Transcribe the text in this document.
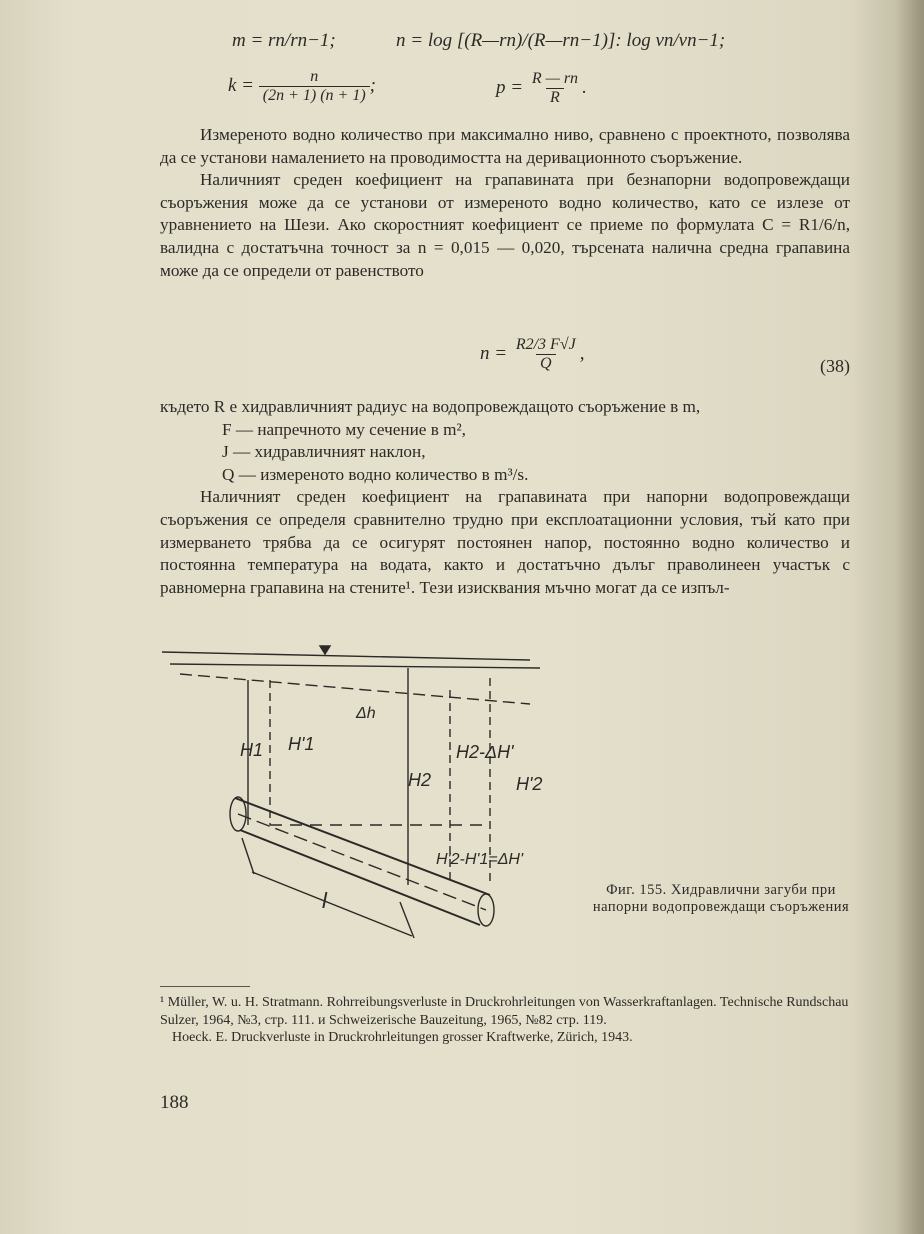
m = rn/rn−1;	n = log [(R—rn)/(R—rn−1)]: log vn/vn−1;
$k = \frac{n}{(2n + 1) (n + 1)}$ ;	$p = \frac{R — rn}{R}$ .

Измереното водно количество при максимално ниво, сравнено с проектното, позволява да се установи намалението на проводимостта на деривационното съоръжение.

Наличният среден коефициент на грапавината при безнапорни водопровеждащи съоръжения може да се установи от измереното водно количество, като се излезе от уравнението на Шези. Ако скоростният коефициент се приеме по формулата C = R1/6/n, валидна с достатъчна точност за n = 0,015 — 0,020, търсената налична средна грапавина може да се определи от равенството

$n = \frac{R2/3 F√J}{Q}$ ,
(38)

където R е хидравличният радиус на водопровеждащото съоръжение в m,

F — напречното му сечение в m²,

J — хидравличният наклон,

Q — измереното водно количество в m³/s.

Наличният среден коефициент на грапавината при напорни водопровеждащи съоръжения се определя сравнително трудно при експлоатационни условия, тъй като при измерването трябва да се осигурят постоянен напор, постоянно водно количество и постоянна температура на водата, както и достатъчно дълъг праволинеен участък с равномерна грапавина на стените¹. Тези изисквания мъчно могат да се изпъл-

H1 H'1
Δh
H2
H2-ΔH'
H'2
H'2-H'1=ΔH'
l	Фиг. 155. Хидравлични загуби при напорни водопровеждащи съоръжения

¹ Müller, W. u. H. Stratmann. Rohrreibungsverluste in Druckrohrleitungen von Wasserkraftanlagen. Technische Rundschau Sulzer, 1964, №3, стр. 111. и Schweizerische Bauzeitung, 1965, №82 стр. 119.

Hoeck. E. Druckverluste in Druckrohrleitungen grosser Kraftwerke, Zürich, 1943.

188
